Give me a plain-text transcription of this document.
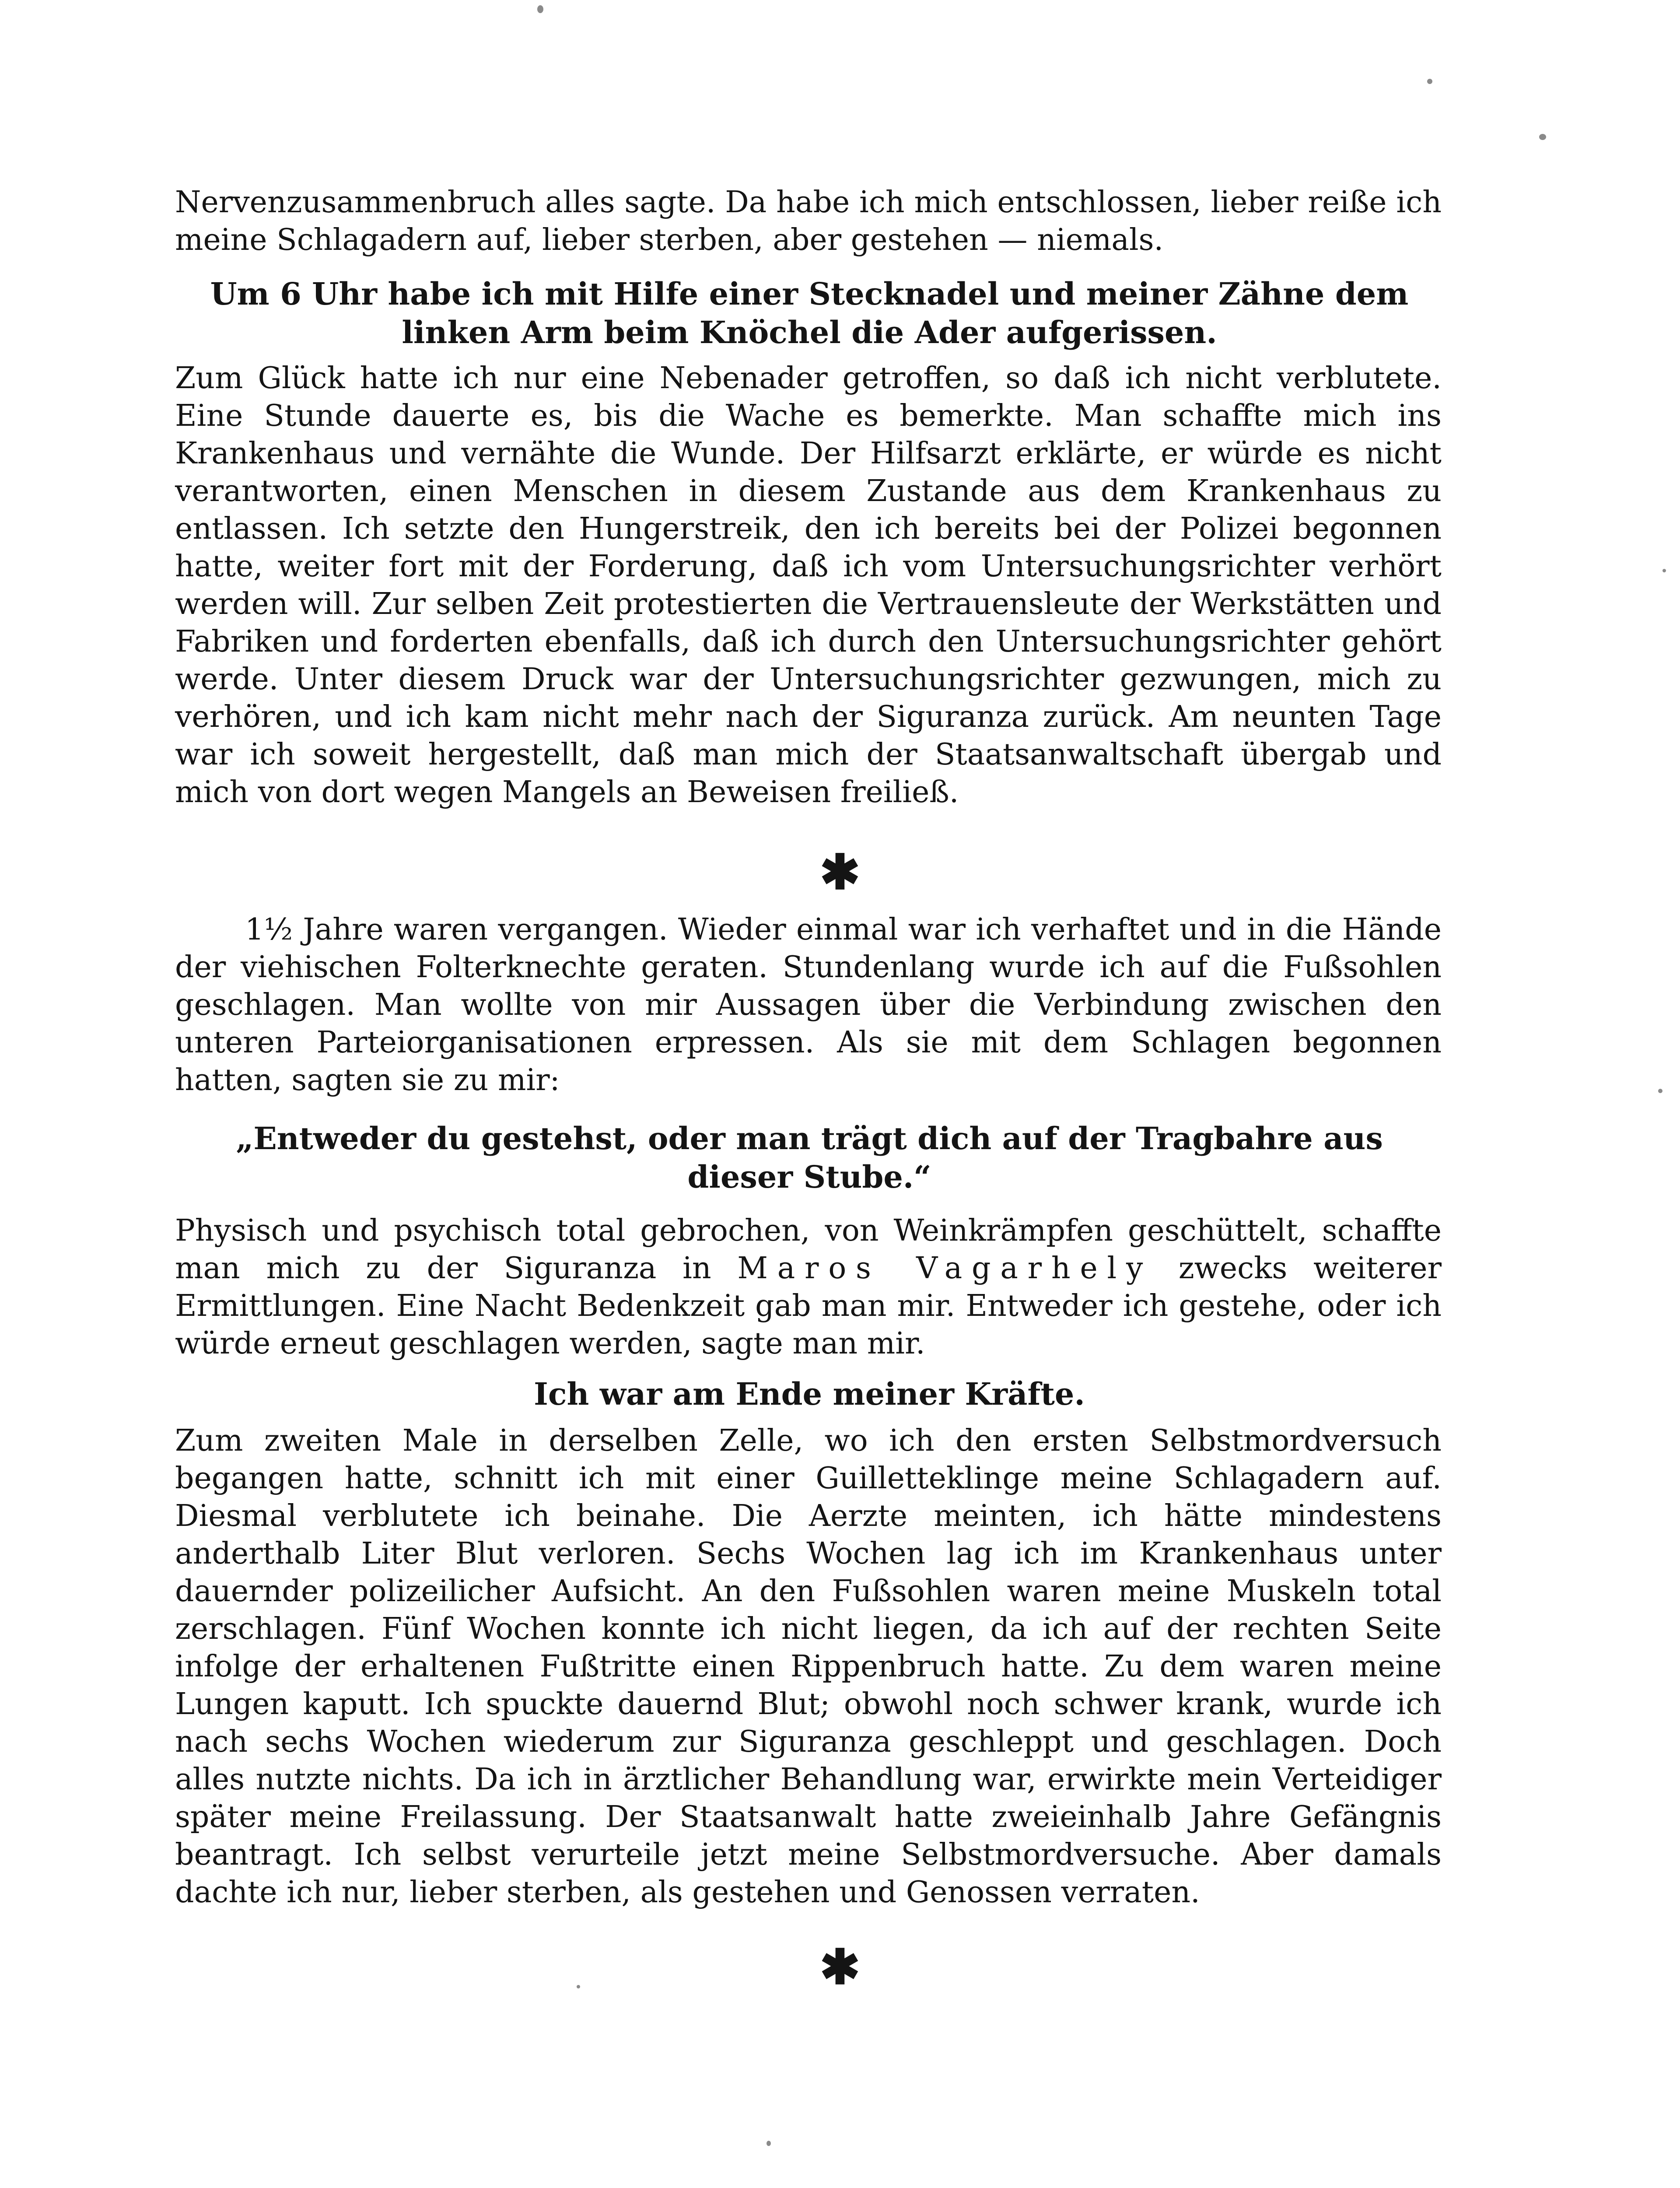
Nervenzusammenbruch alles sagte. Da habe ich mich entschlossen, lieber reiße ich meine Schlagadern auf, lieber sterben, aber gestehen — niemals.

Um 6 Uhr habe ich mit Hilfe einer Stecknadel und meiner Zähne dem linken Arm beim Knöchel die Ader aufgerissen.

Zum Glück hatte ich nur eine Nebenader getroffen, so daß ich nicht verblutete. Eine Stunde dauerte es, bis die Wache es bemerkte. Man schaffte mich ins Krankenhaus und vernähte die Wunde. Der Hilfsarzt erklärte, er würde es nicht verantworten, einen Menschen in diesem Zustande aus dem Krankenhaus zu entlassen. Ich setzte den Hungerstreik, den ich bereits bei der Polizei begonnen hatte, weiter fort mit der Forderung, daß ich vom Untersuchungsrichter verhört werden will. Zur selben Zeit protestierten die Vertrauensleute der Werkstätten und Fabriken und forderten ebenfalls, daß ich durch den Untersuchungsrichter gehört werde. Unter diesem Druck war der Untersuchungsrichter gezwungen, mich zu verhören, und ich kam nicht mehr nach der Siguranza zurück. Am neunten Tage war ich soweit hergestellt, daß man mich der Staatsanwaltschaft übergab und mich von dort wegen Mangels an Beweisen freiließ.

✱

1½ Jahre waren vergangen. Wieder einmal war ich verhaftet und in die Hände der viehischen Folterknechte geraten. Stundenlang wurde ich auf die Fußsohlen geschlagen. Man wollte von mir Aussagen über die Verbindung zwischen den unteren Parteiorganisationen erpressen. Als sie mit dem Schlagen begonnen hatten, sagten sie zu mir:

„Entweder du gestehst, oder man trägt dich auf der Tragbahre aus dieser Stube.“

Physisch und psychisch total gebrochen, von Weinkrämpfen geschüttelt, schaffte man mich zu der Siguranza in Maros Vagarhely zwecks weiterer Ermittlungen. Eine Nacht Bedenkzeit gab man mir. Entweder ich gestehe, oder ich würde erneut geschlagen werden, sagte man mir.

Ich war am Ende meiner Kräfte.

Zum zweiten Male in derselben Zelle, wo ich den ersten Selbstmordversuch begangen hatte, schnitt ich mit einer Guilletteklinge meine Schlagadern auf. Diesmal verblutete ich beinahe. Die Aerzte meinten, ich hätte mindestens anderthalb Liter Blut verloren. Sechs Wochen lag ich im Krankenhaus unter dauernder polizeilicher Aufsicht. An den Fußsohlen waren meine Muskeln total zerschlagen. Fünf Wochen konnte ich nicht liegen, da ich auf der rechten Seite infolge der erhaltenen Fußtritte einen Rippenbruch hatte. Zu dem waren meine Lungen kaputt. Ich spuckte dauernd Blut; obwohl noch schwer krank, wurde ich nach sechs Wochen wiederum zur Siguranza geschleppt und geschlagen. Doch alles nutzte nichts. Da ich in ärztlicher Behandlung war, erwirkte mein Verteidiger später meine Freilassung. Der Staatsanwalt hatte zweieinhalb Jahre Gefängnis beantragt. Ich selbst verurteile jetzt meine Selbstmordversuche. Aber damals dachte ich nur, lieber sterben, als gestehen und Genossen verraten.

✱
